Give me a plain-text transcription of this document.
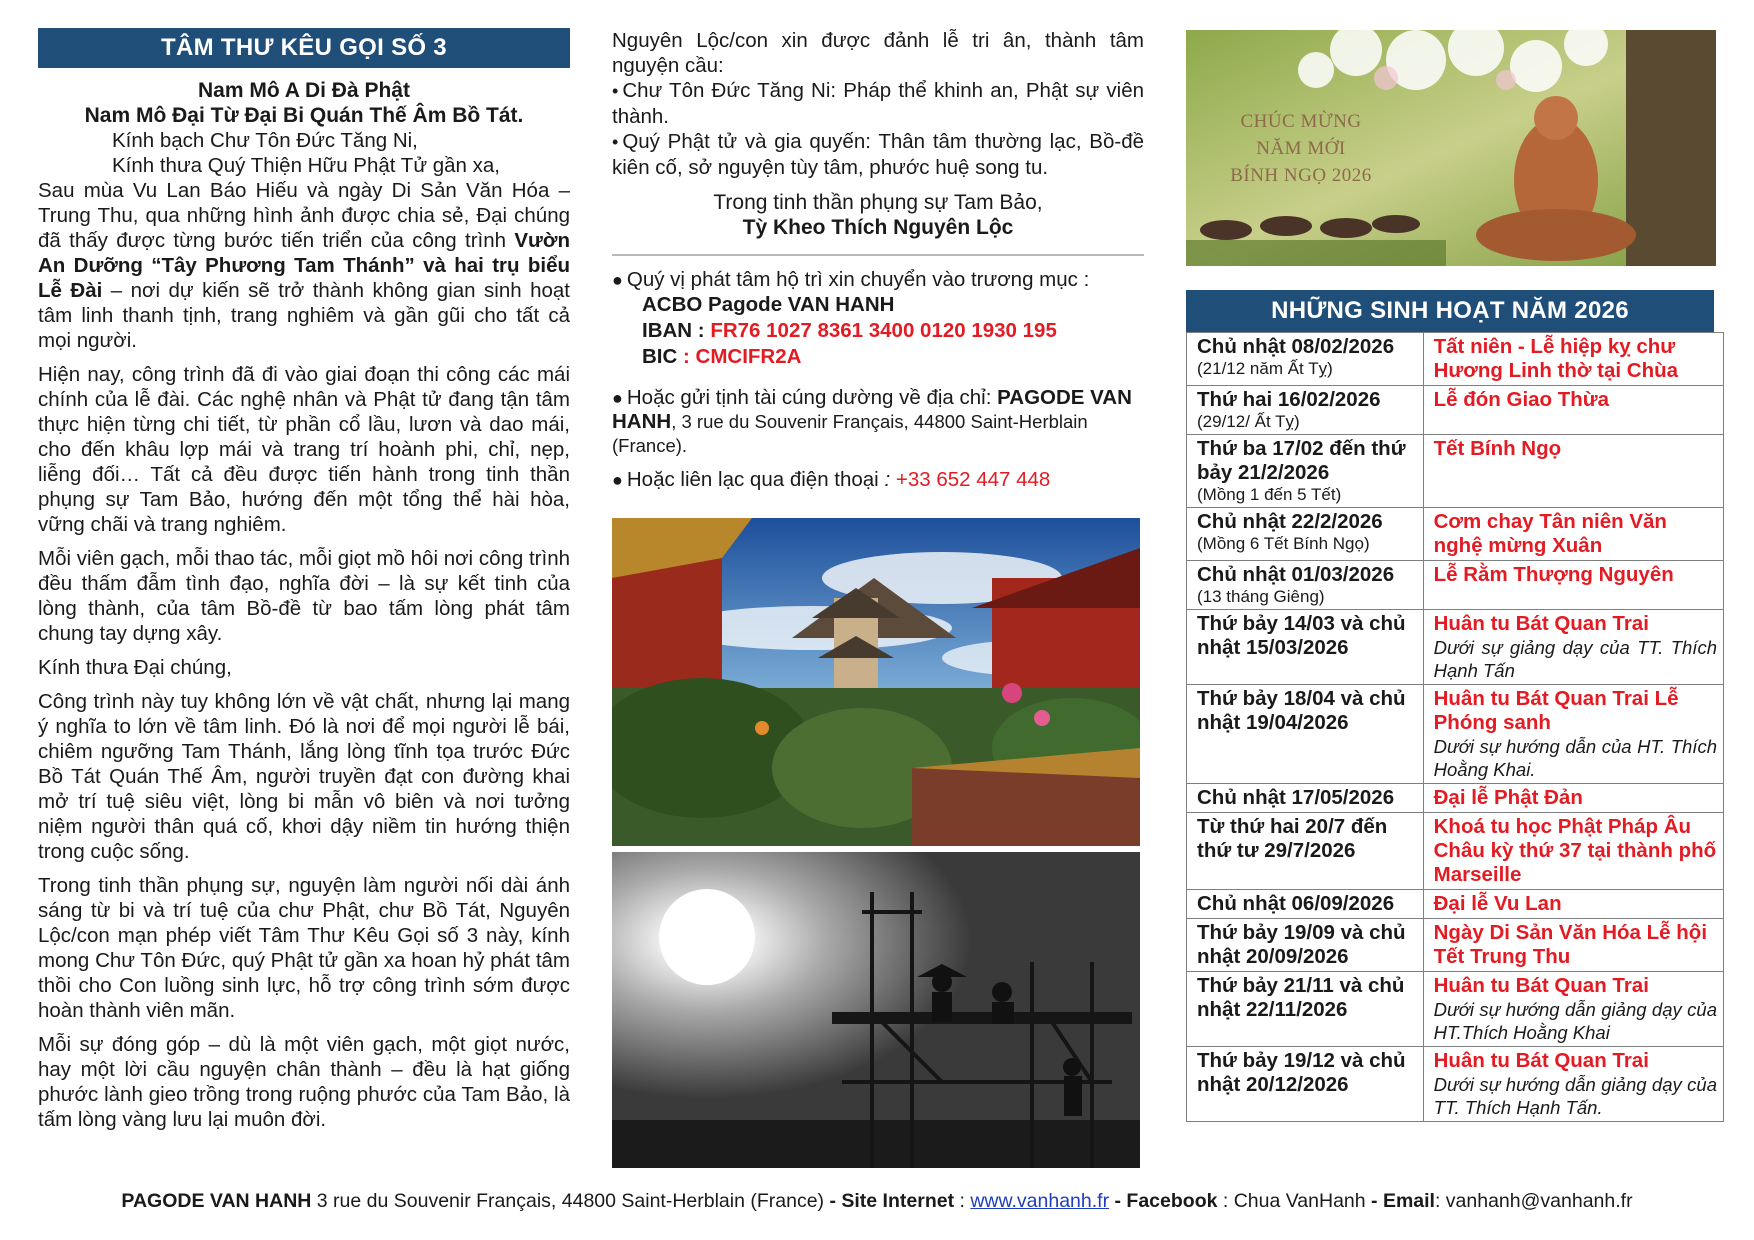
TÂM THƯ KÊU GỌI SỐ 3
Nam Mô A Di Đà Phật
Nam Mô Đại Từ Đại Bi Quán Thế Âm Bồ Tát.

Kính bạch Chư Tôn Đức Tăng Ni,

Kính thưa Quý Thiện Hữu Phật Tử gần xa,

Sau mùa Vu Lan Báo Hiếu và ngày Di Sản Văn Hóa – Trung Thu, qua những hình ảnh được chia sẻ, Đại chúng đã thấy được từng bước tiến triển của công trình Vườn An Dưỡng “Tây Phương Tam Thánh” và hai trụ biểu Lễ Đài – nơi dự kiến sẽ trở thành không gian sinh hoạt tâm linh thanh tịnh, trang nghiêm và gần gũi cho tất cả mọi người.

Hiện nay, công trình đã đi vào giai đoạn thi công các mái chính của lễ đài. Các nghệ nhân và Phật tử đang tận tâm thực hiện từng chi tiết, từ phần cổ lầu, lươn và dao mái, cho đến khâu lợp mái và trang trí hoành phi, chỉ, nẹp, liễng đối… Tất cả đều được tiến hành trong tinh thần phụng sự Tam Bảo, hướng đến một tổng thể hài hòa, vững chãi và trang nghiêm.

Mỗi viên gạch, mỗi thao tác, mỗi giọt mồ hôi nơi công trình đều thấm đẫm tình đạo, nghĩa đời – là sự kết tinh của lòng thành, của tâm Bồ-đề từ bao tấm lòng phát tâm chung tay dựng xây.

Kính thưa Đại chúng,

Công trình này tuy không lớn về vật chất, nhưng lại mang ý nghĩa to lớn về tâm linh. Đó là nơi để mọi người lễ bái, chiêm ngưỡng Tam Thánh, lắng lòng tĩnh tọa trước Đức Bồ Tát Quán Thế Âm, người truyền đạt con đường khai mở trí tuệ siêu việt, lòng bi mẫn vô biên và nơi tưởng niệm người thân quá cố, khơi dậy niềm tin hướng thiện trong cuộc sống.

Trong tinh thần phụng sự, nguyện làm người nối dài ánh sáng từ bi và trí tuệ của chư Phật, chư Bồ Tát, Nguyên Lộc/con mạn phép viết Tâm Thư Kêu Gọi số 3 này, kính mong Chư Tôn Đức, quý Phật tử gần xa hoan hỷ phát tâm thồi cho Con luồng sinh lực, hỗ trợ công trình sớm được hoàn thành viên mãn.

Mỗi sự đóng góp – dù là một viên gạch, một giọt nước, hay một lời cầu nguyện chân thành – đều là hạt giống phước lành gieo trồng trong ruộng phước của Tam Bảo, là tấm lòng vàng lưu lại muôn đời.

Nguyên Lộc/con xin được đảnh lễ tri ân, thành tâm nguyện cầu:

• Chư Tôn Đức Tăng Ni: Pháp thể khinh an, Phật sự viên thành.

• Quý Phật tử và gia quyến: Thân tâm thường lạc, Bồ-đề kiên cố, sở nguyện tùy tâm, phước huệ song tu.

Trong tinh thần phụng sự Tam Bảo,
Tỳ Kheo Thích Nguyên Lộc
● Quý vị phát tâm hộ trì xin chuyển vào trương mục :
ACBO Pagode VAN HANH
IBAN : FR76 1027 8361 3400 0120 1930 195
BIC : CMCIFR2A
● Hoặc gửi tịnh tài cúng dường về địa chỉ: PAGODE VAN HANH, 3 rue du Souvenir Français, 44800 Saint-Herblain (France).
● Hoặc liên lạc qua điện thoại : +33 652 447 448
CHÚC MỪNG
NĂM MỚI
BÍNH NGỌ 2026
NHỮNG SINH HOẠT NĂM 2026
Chủ nhật 08/02/2026
(21/12 năm Ất Tỵ)	Tất niên - Lễ hiệp kỵ chư Hương Linh thờ tại Chùa

Thứ hai 16/02/2026
(29/12/ Ất Tỵ)	Lễ đón Giao Thừa

Thứ ba 17/02 đến thứ bảy 21/2/2026
(Mồng 1 đến 5 Tết)	Tết Bính Ngọ

Chủ nhật 22/2/2026
(Mồng 6 Tết Bính Ngọ)	Cơm chay Tân niên Văn nghệ mừng Xuân

Chủ nhật 01/03/2026
(13 tháng Giêng)	Lễ Rằm Thượng Nguyên

Thứ bảy 14/03 và chủ nhật 15/03/2026	Huân tu Bát Quan Trai
Dưới sự giảng dạy của TT. Thích Hạnh Tấn

Thứ bảy 18/04 và chủ nhật 19/04/2026	Huân tu Bát Quan Trai Lễ Phóng sanh
Dưới sự hướng dẫn của HT. Thích Hoằng Khai.

Chủ nhật 17/05/2026	Đại lễ Phật Đản

Từ thứ hai 20/7 đến thứ tư 29/7/2026	Khoá tu học Phật Pháp Âu Châu kỳ thứ 37 tại thành phố Marseille

Chủ nhật 06/09/2026	Đại lễ Vu Lan

Thứ bảy 19/09 và chủ nhật 20/09/2026	Ngày Di Sản Văn Hóa Lễ hội Tết Trung Thu

Thứ bảy 21/11 và chủ nhật 22/11/2026	Huân tu Bát Quan Trai
Dưới sự hướng dẫn giảng dạy của HT.Thích Hoằng Khai

Thứ bảy 19/12 và chủ nhật 20/12/2026	Huân tu Bát Quan Trai
Dưới sự hướng dẫn giảng dạy của TT. Thích Hạnh Tấn.
PAGODE VAN HANH 3 rue du Souvenir Français, 44800 Saint-Herblain (France) - Site Internet : www.vanhanh.fr - Facebook : Chua VanHanh - Email: vanhanh@vanhanh.fr
